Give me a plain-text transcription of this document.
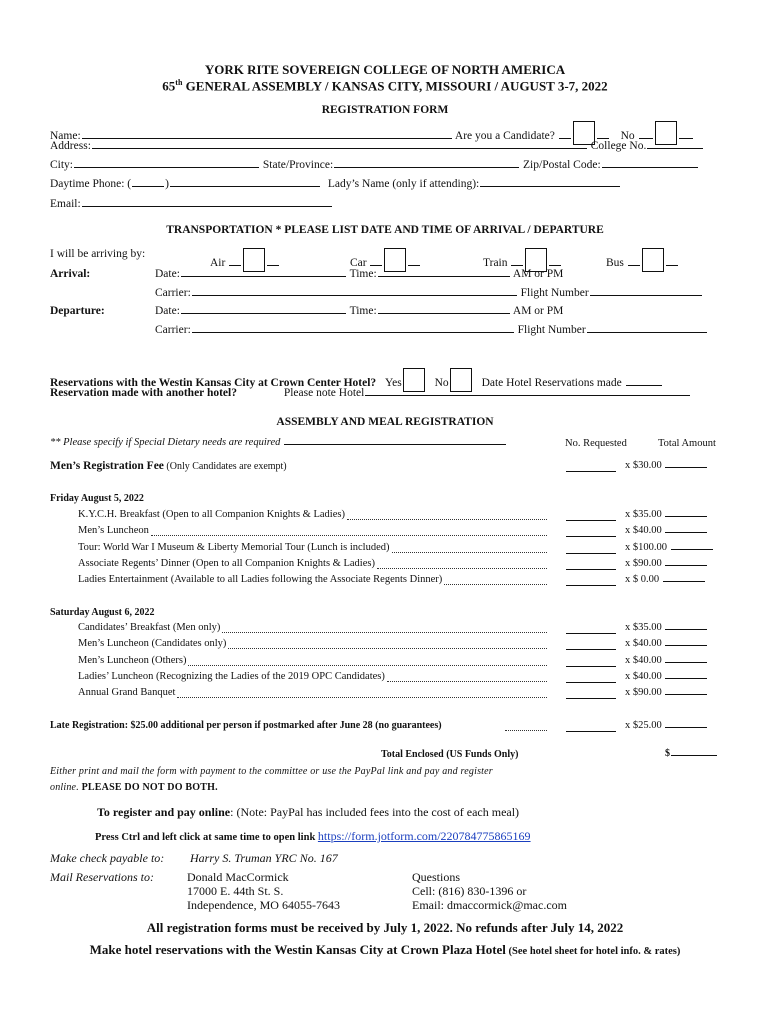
YORK RITE SOVEREIGN COLLEGE OF NORTH AMERICA
65th GENERAL ASSEMBLY / KANSAS CITY, MISSOURI / AUGUST 3-7, 2022
REGISTRATION FORM
Name:	Are you a Candidate?	No
Address:	College No.
City:	State/Province:	Zip/Postal Code:
Daytime Phone: (	)	Lady’s Name (only if attending):
Email:
TRANSPORTATION * PLEASE LIST DATE AND TIME OF ARRIVAL / DEPARTURE
I will be arriving by:
Air	Car	Train	Bus
Arrival:	Date:	Time:	AM or PM
Carrier:	Flight Number
Departure:	Date:	Time:	AM or PM
Carrier:	Flight Number
Reservations with the Westin Kansas City at Crown Center Hotel? Yes	No	Date Hotel Reservations made
Reservation made with another hotel?	Please note Hotel
ASSEMBLY AND MEAL REGISTRATION
** Please specify if Special Dietary needs are required	No. Requested	Total Amount
Men’s Registration Fee (Only Candidates are exempt)	x $30.00
Friday August 5, 2022
K.Y.C.H. Breakfast (Open to all Companion Knights & Ladies)	x $35.00
Men’s Luncheon	x $40.00
Tour: World War I Museum & Liberty Memorial Tour (Lunch is included)	x $100.00
Associate Regents’ Dinner (Open to all Companion Knights & Ladies)	x $90.00
Ladies Entertainment (Available to all Ladies following the Associate Regents Dinner)	x $ 0.00
Saturday August 6, 2022
Candidates’ Breakfast (Men only)	x $35.00
Men’s Luncheon (Candidates only)	x $40.00
Men’s Luncheon (Others)	x $40.00
Ladies’ Luncheon (Recognizing the Ladies of the 2019 OPC Candidates)	x $40.00
Annual Grand Banquet	x $90.00
Late Registration: $25.00 additional per person if postmarked after June 28 (no guarantees)	x $25.00
Total Enclosed (US Funds Only)	$
Either print and mail the form with payment to the committee or use the PayPal link and pay and register
online. PLEASE DO NOT DO BOTH.
To register and pay online: (Note: PayPal has included fees into the cost of each meal)
Press Ctrl and left click at same time to open link https://form.jotform.com/220784775865169
Make check payable to: Harry S. Truman YRC No. 167
Mail Reservations to:	Donald MacCormick
17000 E. 44th St. S.
Independence, MO 64055-7643
Questions
Cell: (816) 830-1396 or
Email: dmaccormick@mac.com
All registration forms must be received by July 1, 2022. No refunds after July 14, 2022
Make hotel reservations with the Westin Kansas City at Crown Plaza Hotel (See hotel sheet for hotel info. & rates)
